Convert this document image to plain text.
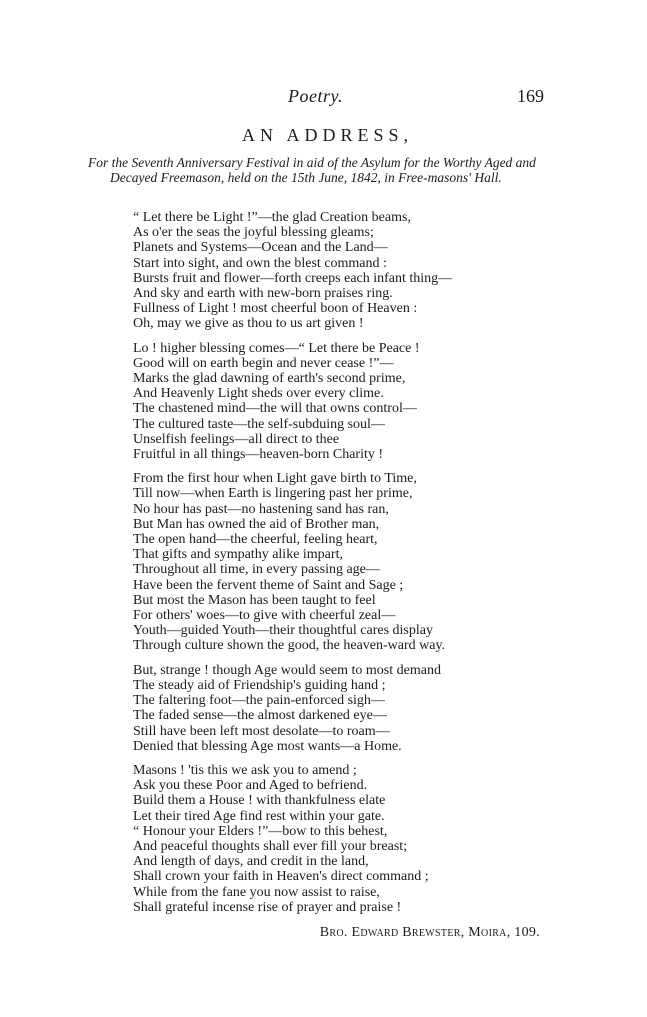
Poetry.	169
AN ADDRESS,
For the Seventh Anniversary Festival in aid of the Asylum for the Worthy Aged and Decayed Freemason, held on the 15th June, 1842, in Free-masons' Hall.
“ Let there be Light !”—the glad Creation beams,
As o'er the seas the joyful blessing gleams;
Planets and Systems—Ocean and the Land—
Start into sight, and own the blest command :
Bursts fruit and flower—forth creeps each infant thing—
And sky and earth with new-born praises ring.
Fullness of Light ! most cheerful boon of Heaven :
Oh, may we give as thou to us art given !
Lo ! higher blessing comes—“ Let there be Peace !
Good will on earth begin and never cease !”—
Marks the glad dawning of earth's second prime,
And Heavenly Light sheds over every clime.
The chastened mind—the will that owns control—
The cultured taste—the self-subduing soul—
Unselfish feelings—all direct to thee
Fruitful in all things—heaven-born Charity !
From the first hour when Light gave birth to Time,
Till now—when Earth is lingering past her prime,
No hour has past—no hastening sand has ran,
But Man has owned the aid of Brother man,
The open hand—the cheerful, feeling heart,
That gifts and sympathy alike impart,
Throughout all time, in every passing age—
Have been the fervent theme of Saint and Sage ;
But most the Mason has been taught to feel
For others' woes—to give with cheerful zeal—
Youth—guided Youth—their thoughtful cares display
Through culture shown the good, the heaven-ward way.
But, strange ! though Age would seem to most demand
The steady aid of Friendship's guiding hand ;
The faltering foot—the pain-enforced sigh—
The faded sense—the almost darkened eye—
Still have been left most desolate—to roam—
Denied that blessing Age most wants—a Home.
Masons ! 'tis this we ask you to amend ;
Ask you these Poor and Aged to befriend.
Build them a House ! with thankfulness elate
Let their tired Age find rest within your gate.
“ Honour your Elders !”—bow to this behest,
And peaceful thoughts shall ever fill your breast;
And length of days, and credit in the land,
Shall crown your faith in Heaven's direct command ;
While from the fane you now assist to raise,
Shall grateful incense rise of prayer and praise !
Bro. Edward Brewster, Moira, 109.
